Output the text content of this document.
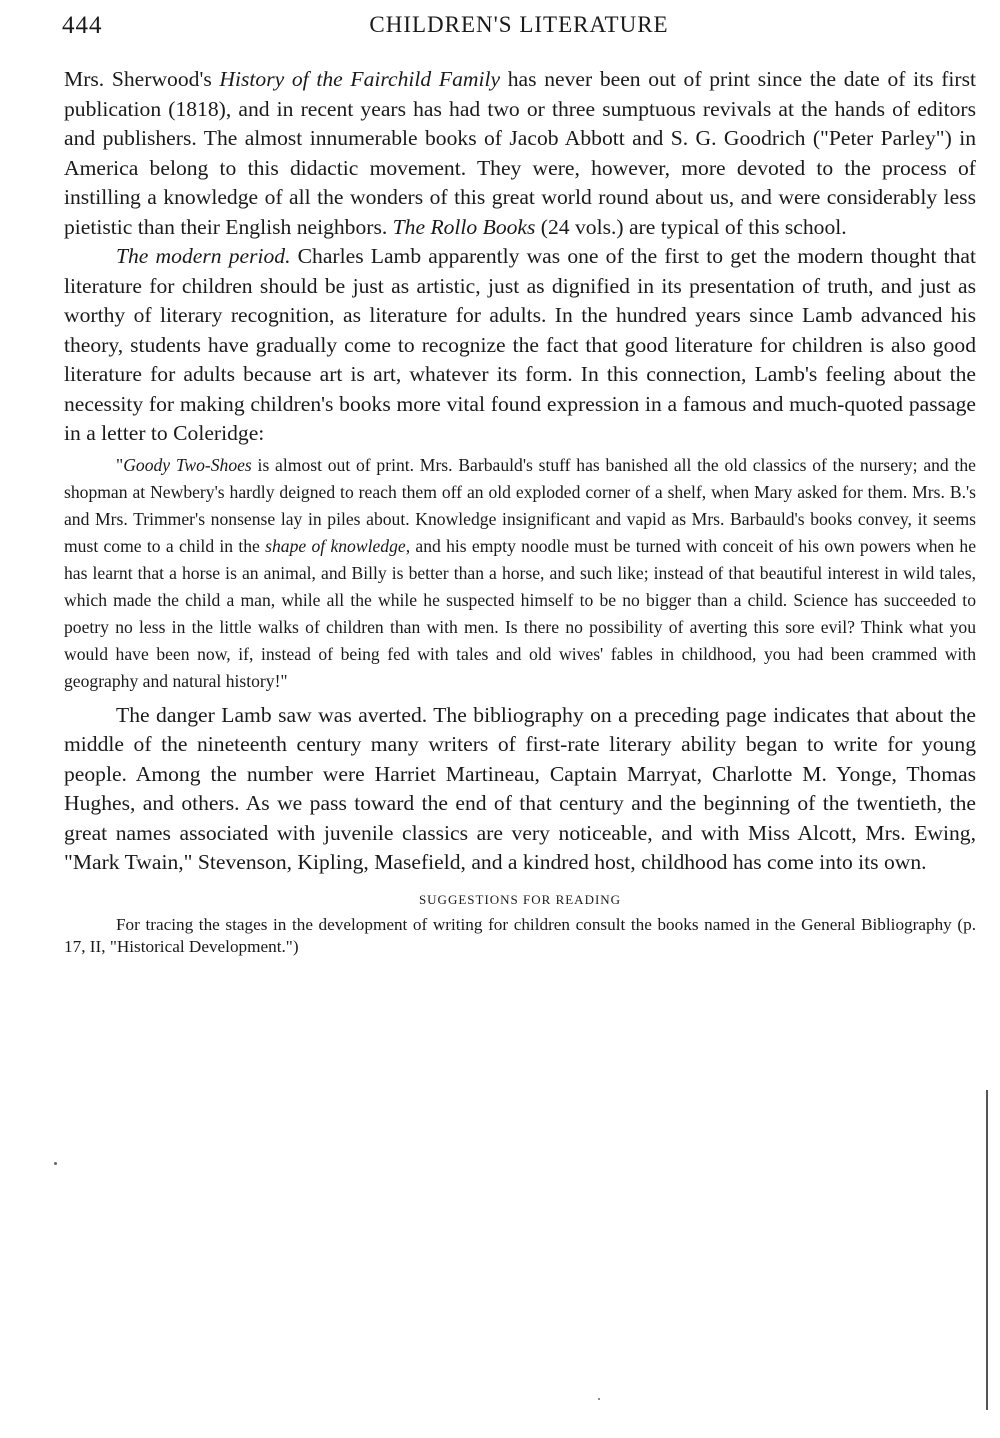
444	CHILDREN'S LITERATURE

Mrs. Sherwood's History of the Fairchild Family has never been out of print since the date of its first publication (1818), and in recent years has had two or three sumptuous revivals at the hands of editors and publishers. The almost innumerable books of Jacob Abbott and S. G. Goodrich ("Peter Parley") in America belong to this didactic movement. They were, however, more devoted to the process of instilling a knowledge of all the wonders of this great world round about us, and were considerably less pietistic than their English neighbors. The Rollo Books (24 vols.) are typical of this school.

The modern period. Charles Lamb apparently was one of the first to get the modern thought that literature for children should be just as artistic, just as dignified in its presentation of truth, and just as worthy of literary recognition, as literature for adults. In the hundred years since Lamb advanced his theory, students have gradually come to recognize the fact that good literature for children is also good literature for adults because art is art, whatever its form. In this connection, Lamb's feeling about the necessity for making children's books more vital found expression in a famous and much-quoted passage in a letter to Coleridge:

"Goody Two-Shoes is almost out of print. Mrs. Barbauld's stuff has banished all the old classics of the nursery; and the shopman at Newbery's hardly deigned to reach them off an old exploded corner of a shelf, when Mary asked for them. Mrs. B.'s and Mrs. Trimmer's nonsense lay in piles about. Knowledge insignificant and vapid as Mrs. Barbauld's books convey, it seems must come to a child in the shape of knowledge, and his empty noodle must be turned with conceit of his own powers when he has learnt that a horse is an animal, and Billy is better than a horse, and such like; instead of that beautiful interest in wild tales, which made the child a man, while all the while he suspected himself to be no bigger than a child. Science has succeeded to poetry no less in the little walks of children than with men. Is there no possibility of averting this sore evil? Think what you would have been now, if, instead of being fed with tales and old wives' fables in childhood, you had been crammed with geography and natural history!"

The danger Lamb saw was averted. The bibliography on a preceding page indicates that about the middle of the nineteenth century many writers of first-rate literary ability began to write for young people. Among the number were Harriet Martineau, Captain Marryat, Charlotte M. Yonge, Thomas Hughes, and others. As we pass toward the end of that century and the beginning of the twentieth, the great names associated with juvenile classics are very noticeable, and with Miss Alcott, Mrs. Ewing, "Mark Twain," Stevenson, Kipling, Masefield, and a kindred host, childhood has come into its own.

SUGGESTIONS FOR READING

For tracing the stages in the development of writing for children consult the books named in the General Bibliography (p. 17, II, "Historical Development.")
